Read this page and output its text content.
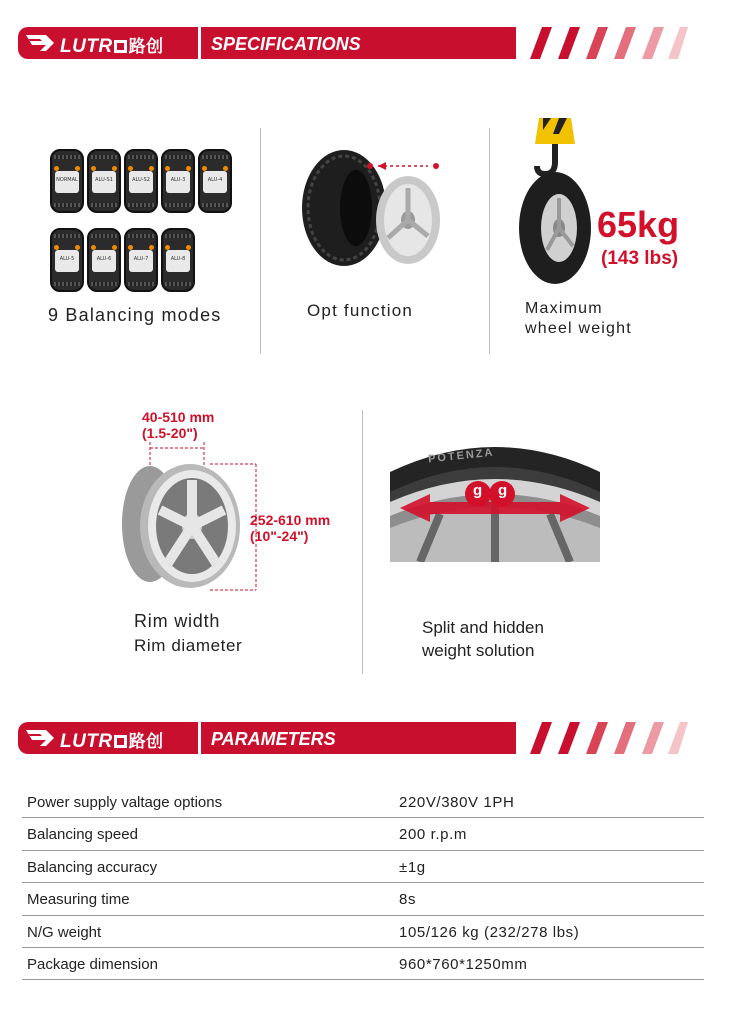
LUTR 路创	SPECIFICATIONS
NORMAL	ALU-S1	ALU-S2	ALU-3	ALU-4
ALU-5	ALU-6	ALU-7	ALU-8
9 Balancing modes	Opt function
65kg
(143 lbs)
Maximum
wheel weight
40-510 mm
(1.5-20")
252-610 mm
(10"-24")
Rim width
Rim diameter
POTENZA
g g
Split and hidden
weight solution
LUTR 路创	PARAMETERS
Power supply valtage options	220V/380V 1PH
Balancing speed	200 r.p.m
Balancing accuracy	±1g
Measuring time	8s
N/G weight	105/126 kg (232/278 lbs)
Package dimension	960*760*1250mm
